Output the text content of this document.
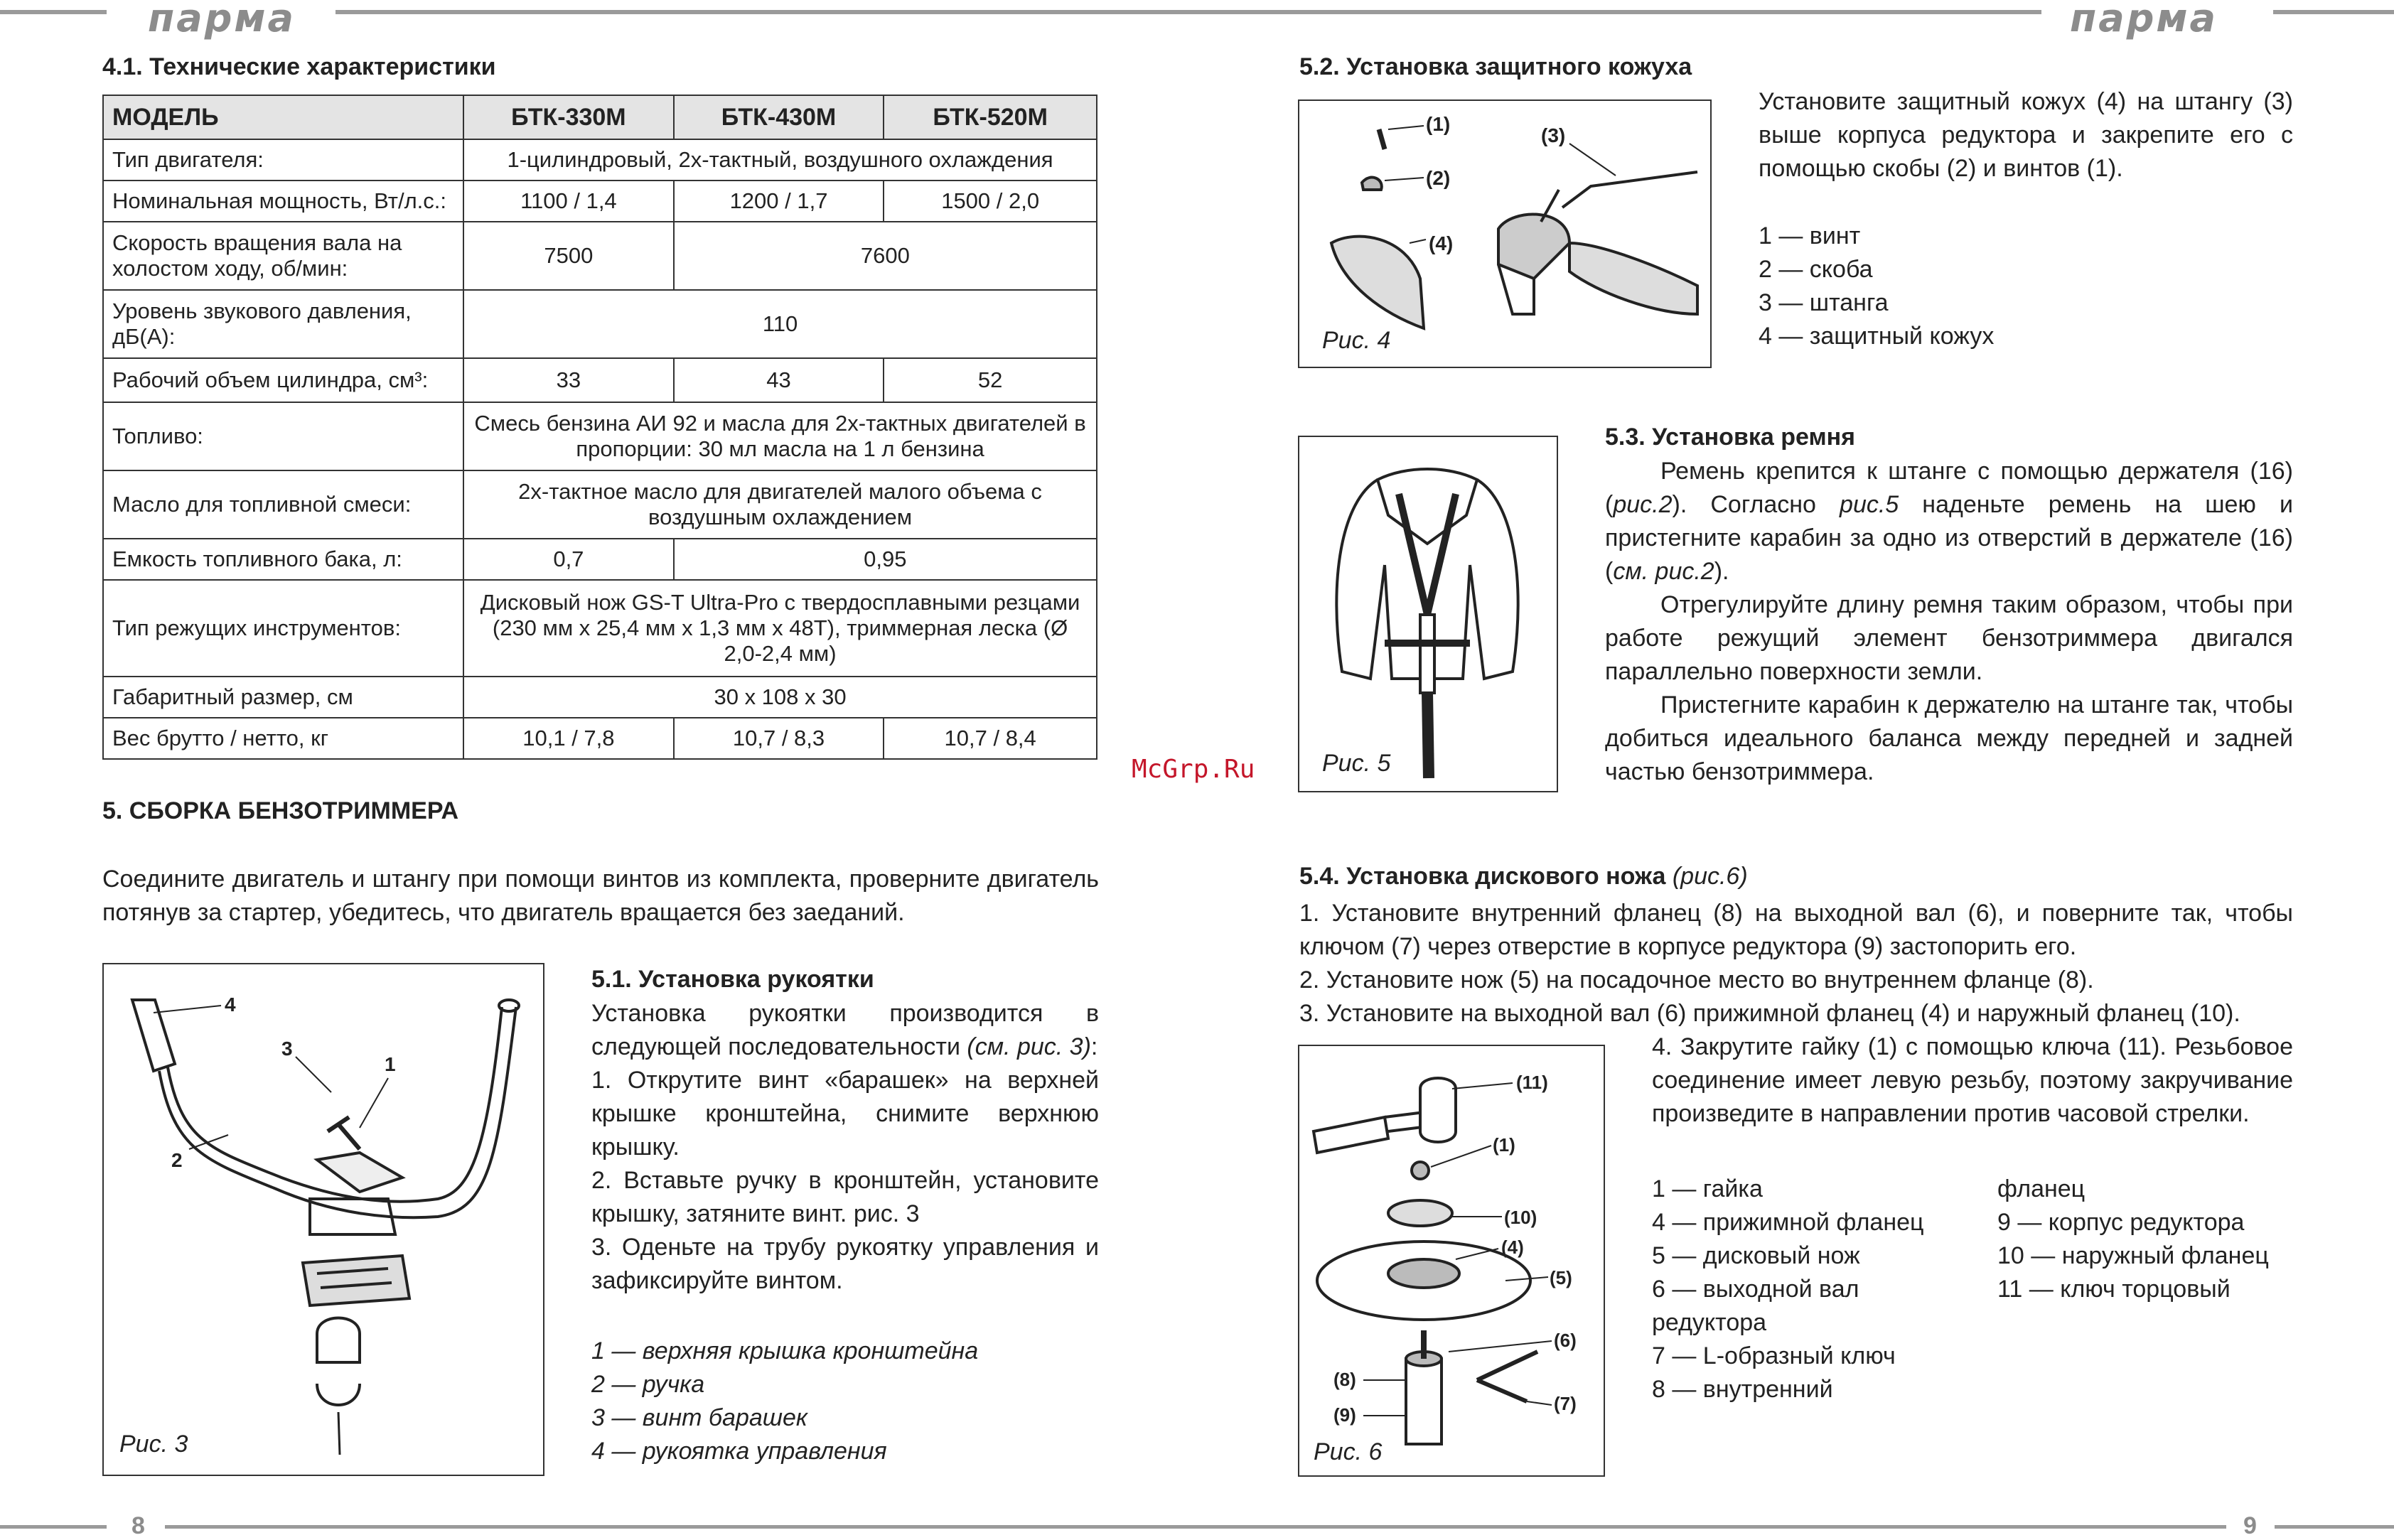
парма	парма
8	9
4.1. Технические характеристики
МОДЕЛЬ	БТК-330М	БТК-430М	БТК-520М
Тип двигателя:	1-цилиндровый, 2х-тактный, воздушного охлаждения		
Номинальная мощность, Вт/л.с.:	1100 / 1,4	1200 / 1,7	1500 / 2,0
Скорость вращения вала на холостом ходу, об/мин:	7500	7600	
Уровень звукового давления, дБ(А):	110		
Рабочий объем цилиндра, см³:	33	43	52
Топливо:	Смесь бензина АИ 92 и масла для 2х-тактных двигателей в пропорции: 30 мл масла на 1 л бензина		
Масло для топливной смеси:	2х-тактное масло для двигателей малого объема с воздушным охлаждением		
Емкость топливного бака, л:	0,7	0,95	
Тип режущих инструментов:	Дисковый нож GS-T Ultra-Pro с твердосплавными резцами (230 мм х 25,4 мм х 1,3 мм х 48Т), триммерная леска (Ø 2,0-2,4 мм)		
Габаритный размер, см	30 х 108 х 30		
Вес брутто / нетто, кг	10,1 / 7,8	10,7 / 8,3	10,7 / 8,4
5. СБОРКА БЕНЗОТРИММЕРА
Соедините двигатель и штангу при помощи винтов из комплекта, проверните двигатель потянув за стартер, убедитесь, что двигатель вращается без заеданий.
4
3
1
2
Рис. 3
5.1. Установка рукоятки
Установка рукоятки производится в следующей последовательности (см. рис. 3):
1. Открутите винт «барашек» на верхней крышке кронштейна, снимите верхнюю крышку.
2. Вставьте ручку в кронштейн, установите крышку, затяните винт. рис. 3
3. Оденьте на трубу рукоятку управления и зафиксируйте винтом.
1 — верхняя крышка кронштейна
2 — ручка
3 — винт барашек
4 — рукоятка управления
McGrp.Ru
5.2. Установка защитного кожуха
(1)
(2)
(3)
(4)
Рис. 4
Установите защитный кожух (4) на штангу (3) выше корпуса редуктора и закрепите его с помощью скобы (2) и винтов (1).
1 — винт
2 — скоба
3 — штанга
4 — защитный кожух
Рис. 5
5.3. Установка ремня
Ремень крепится к штанге с помощью держателя (16) (рис.2). Согласно рис.5 наденьте ремень на шею и пристегните карабин за одно из отверстий в держателе (16) (см. рис.2).
Отрегулируйте длину ремня таким образом, чтобы при работе режущий элемент бензотриммера двигался параллельно поверхности земли.
Пристегните карабин к держателю на штанге так, чтобы добиться идеального баланса между передней и задней частью бензотриммера.
5.4. Установка дискового ножа (рис.6)
1. Установите внутренний фланец (8) на выходной вал (6), и поверните так, чтобы ключом (7) через отверстие в корпусе редуктора (9) застопорить его.
2. Установите нож (5) на посадочное место во внутреннем фланце (8).
3. Установите на выходной вал (6) прижимной фланец (4) и наружный фланец (10).
(11)
(1)
(10)
(4)
(5)
(6)
(8)
(9)
(7)
Рис. 6
4. Закрутите гайку (1) с помощью ключа (11). Резьбовое соединение имеет левую резьбу, поэтому закручивание произведите в направлении против часовой стрелки.
1 — гайка
4 — прижимной фланец
5 — дисковый нож
6 — выходной вал редуктора
7 — L-образный ключ
8 — внутренний
фланец
9 — корпус редуктора
10 — наружный фланец
11 — ключ торцовый
